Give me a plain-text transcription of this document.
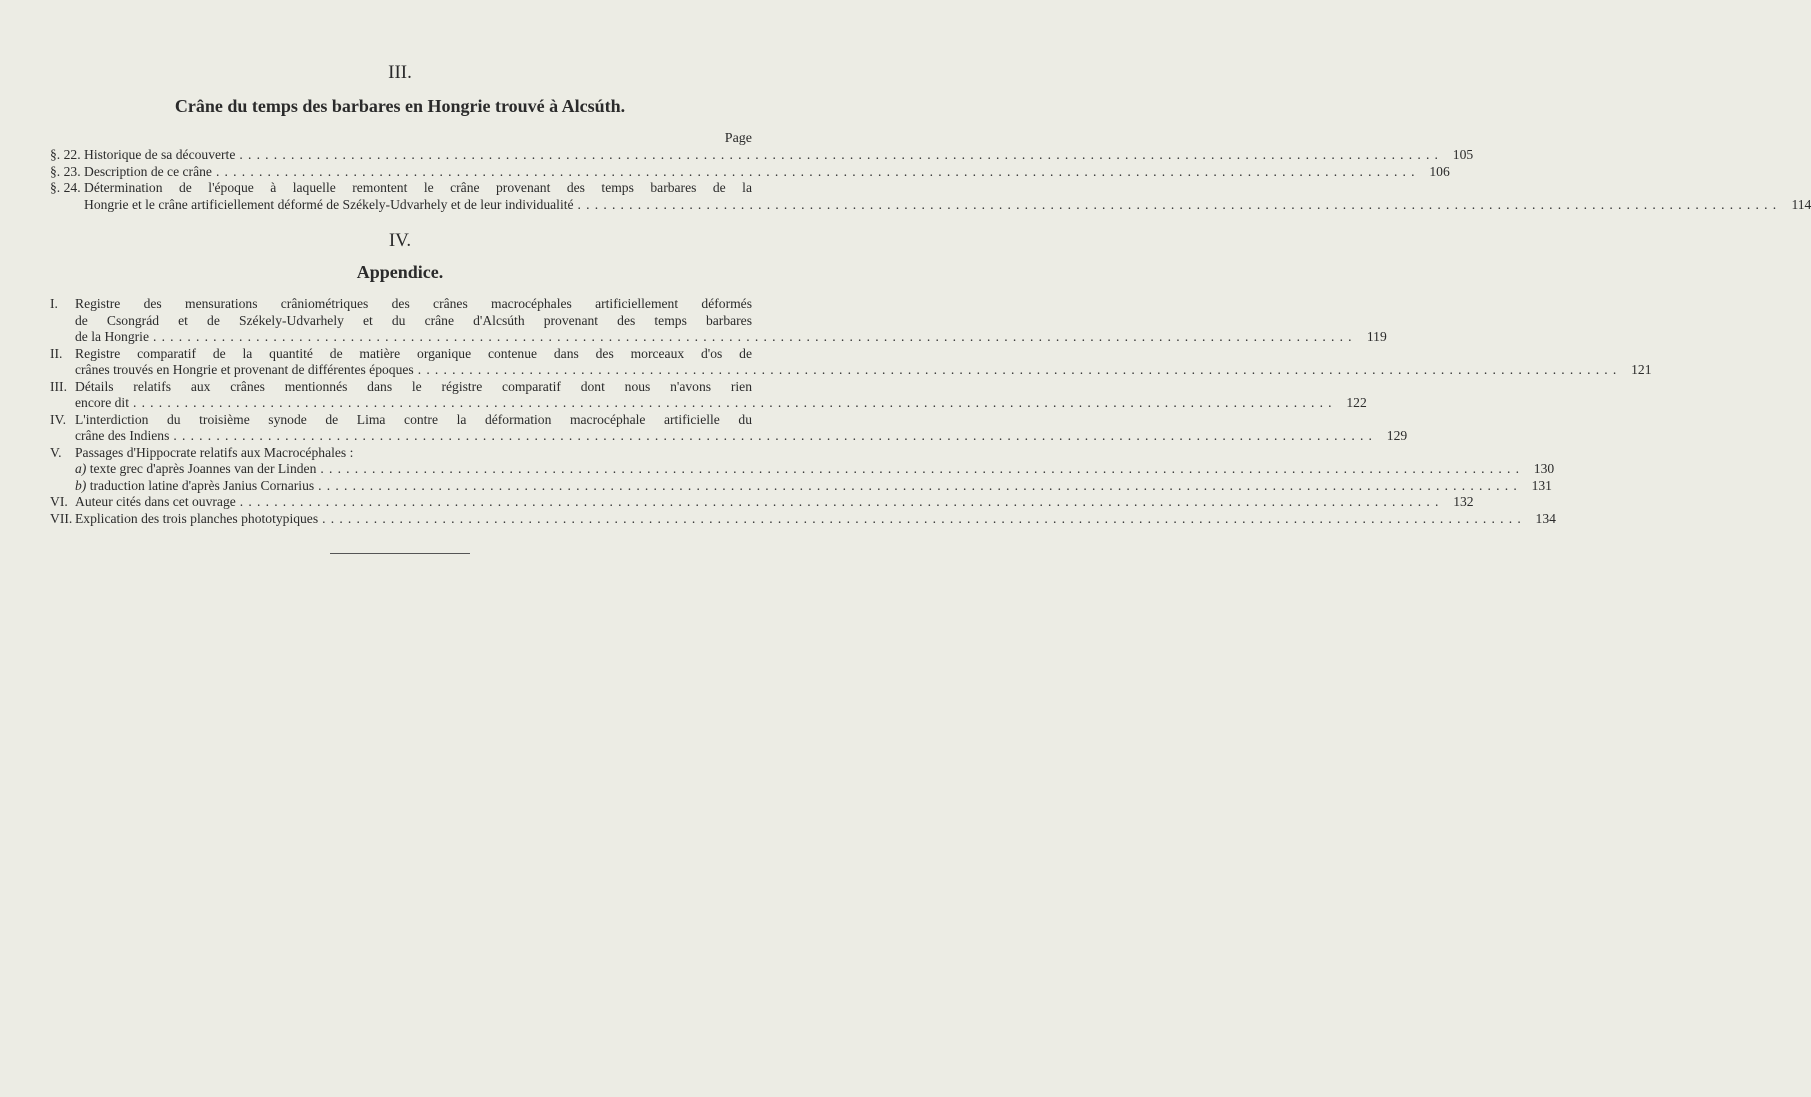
III.
Crâne du temps des barbares en Hongrie trouvé à Alcsúth.
Page
§. 22. Historique de sa découverte ............................................................................................................................................ 105
§. 23. Description de ce crâne ............................................................................................................................................ 106
§. 24. Détermination de l'époque à laquelle remontent le crâne provenant des temps barbares de la
Hongrie et le crâne artificiellement déformé de Székely-Udvarhely et de leur individualité ............................................................................................................................................ 114
IV.
Appendice.
I. Registre des mensurations crâniométriques des crânes macrocéphales artificiellement déformés
de Csongrád et de Székely-Udvarhely et du crâne d'Alcsúth provenant des temps barbares
de la Hongrie ............................................................................................................................................ 119
II. Registre comparatif de la quantité de matière organique contenue dans des morceaux d'os de
crânes trouvés en Hongrie et provenant de différentes époques ............................................................................................................................................ 121
III. Détails relatifs aux crânes mentionnés dans le régistre comparatif dont nous n'avons rien
encore dit ............................................................................................................................................ 122
IV. L'interdiction du troisième synode de Lima contre la déformation macrocéphale artificielle du
crâne des Indiens ............................................................................................................................................ 129
V. Passages d'Hippocrate relatifs aux Macrocéphales :
a) texte grec d'après Joannes van der Linden ............................................................................................................................................ 130
b) traduction latine d'après Janius Cornarius ............................................................................................................................................ 131
VI. Auteur cités dans cet ouvrage ............................................................................................................................................ 132
VII. Explication des trois planches phototypiques ............................................................................................................................................ 134
